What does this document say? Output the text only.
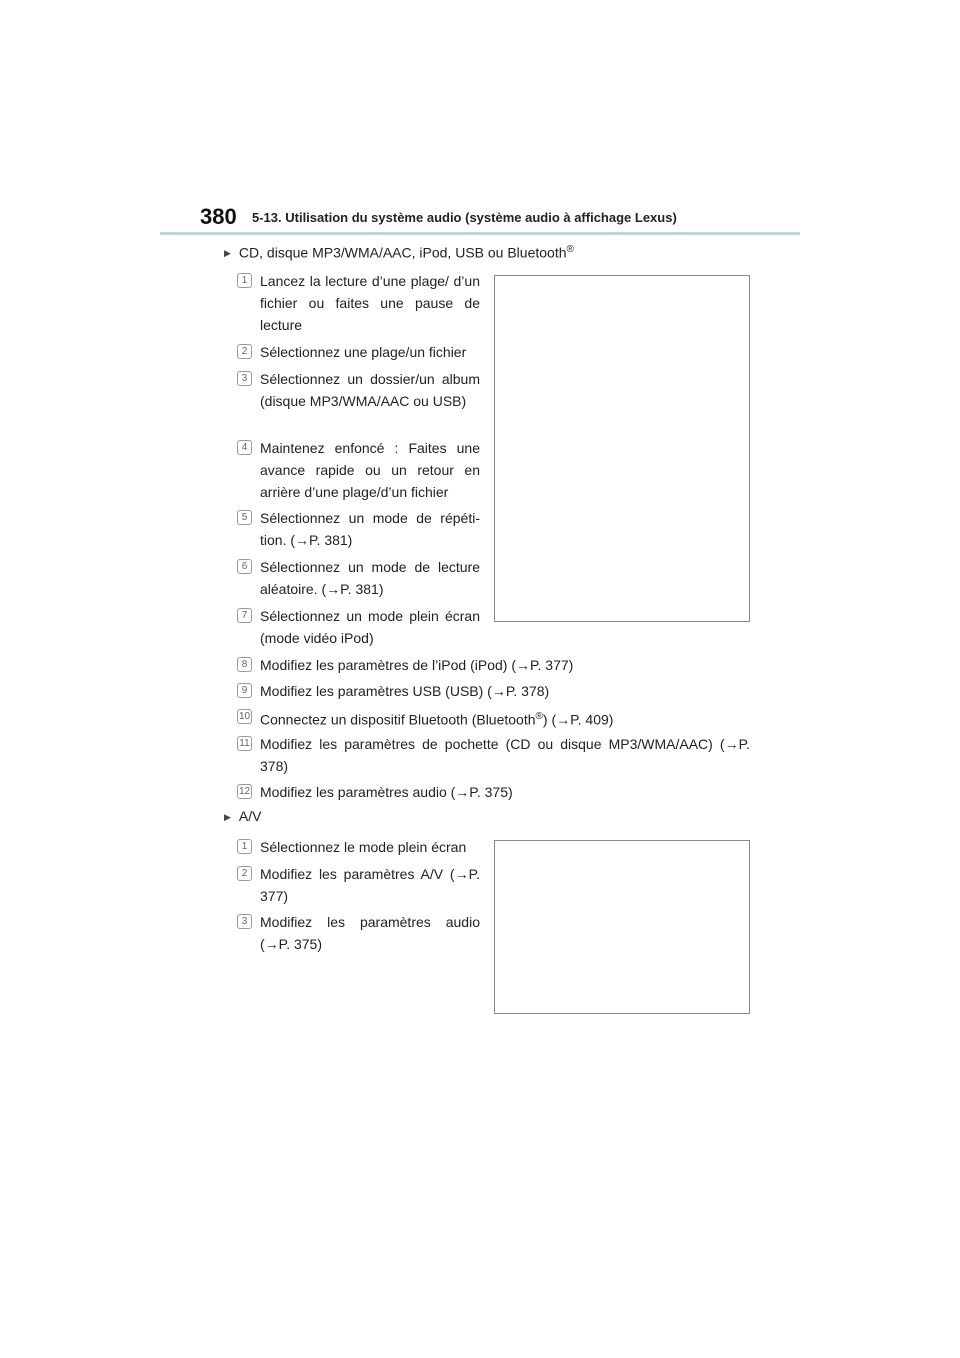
380 5-13. Utilisation du système audio (système audio à affichage Lexus)
▶ CD, disque MP3/WMA/AAC, iPod, USB ou Bluetooth®
1 Lancez la lecture d’une plage/ d’un fichier ou faites une pause de lecture
2 Sélectionnez une plage/un fichier
3 Sélectionnez un dossier/un album (disque MP3/WMA/AAC ou USB)
4 Maintenez enfoncé : Faites une avance rapide ou un retour en arrière d’une plage/d’un fichier
5 Sélectionnez un mode de répéti-tion. (→P. 381)
6 Sélectionnez un mode de lecture aléatoire. (→P. 381)
7 Sélectionnez un mode plein écran (mode vidéo iPod)
8 Modifiez les paramètres de l’iPod (iPod) (→P. 377)
9 Modifiez les paramètres USB (USB) (→P. 378)
10 Connectez un dispositif Bluetooth (Bluetooth®) (→P. 409)
11 Modifiez les paramètres de pochette (CD ou disque MP3/WMA/AAC) (→P. 378)
12 Modifiez les paramètres audio (→P. 375)
▶ A/V
1 Sélectionnez le mode plein écran
2 Modifiez les paramètres A/V (→P. 377)
3 Modifiez les paramètres audio (→P. 375)
